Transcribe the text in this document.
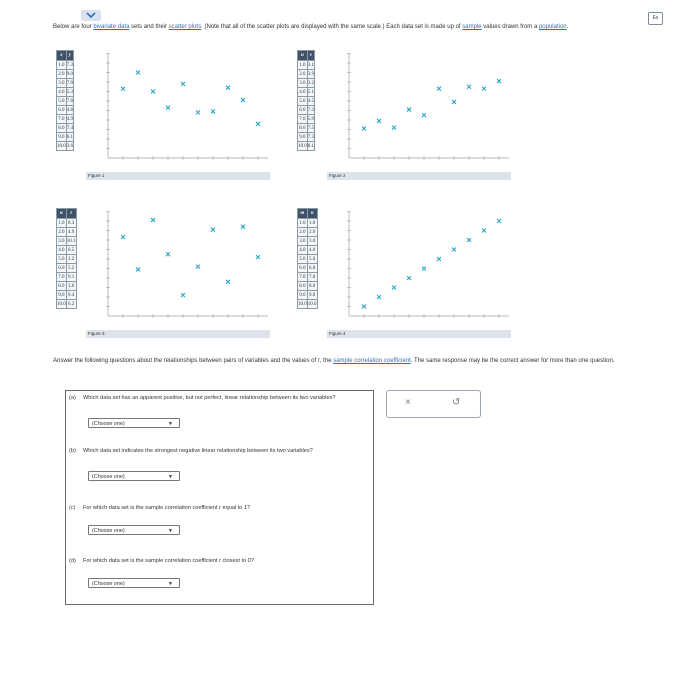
Es
Below are four bivariate data sets and their scatter plots. (Note that all of the scatter plots are displayed with the same scale.) Each data set is made up of sample values drawn from a population.
x	y
1.0	7.3
2.0	9.0
3.0	7.0
4.0	5.3
5.0	7.8
6.0	4.8
7.0	4.9
8.0	7.4
9.0	6.1
10.0	3.6
Figure 1
u	v
1.0	3.1
2.0	3.9
3.0	3.2
4.0	5.1
5.0	4.5
6.0	7.3
7.0	5.9
8.0	7.5
9.0	7.3
10.0	8.1
Figure 2
w	t
1.0	8.3
2.0	4.9
3.0	10.1
4.0	6.5
5.0	2.2
6.0	5.2
7.0	9.1
8.0	3.6
9.0	9.4
10.0	6.2
Figure 3
m	n
1.0	1.0
2.0	2.0
3.0	3.0
4.0	4.0
5.0	5.0
6.0	6.0
7.0	7.0
8.0	8.0
9.0	9.0
10.0	10.0
Figure 4
Answer the following questions about the relationships between pairs of variables and the values of r, the sample correlation coefficient. The same response may be the correct answer for more than one question.
(a) Which data set has an apparent positive, but not perfect, linear relationship between its two variables?
(Choose one)	▼
(b) Which data set indicates the strongest negative linear relationship between its two variables?
(Choose one)	▼
(c) For which data set is the sample correlation coefficient r equal to 1?
(Choose one)	▼
(d) For which data set is the sample correlation coefficient r closest to 0?
(Choose one)	▼
×	↺
